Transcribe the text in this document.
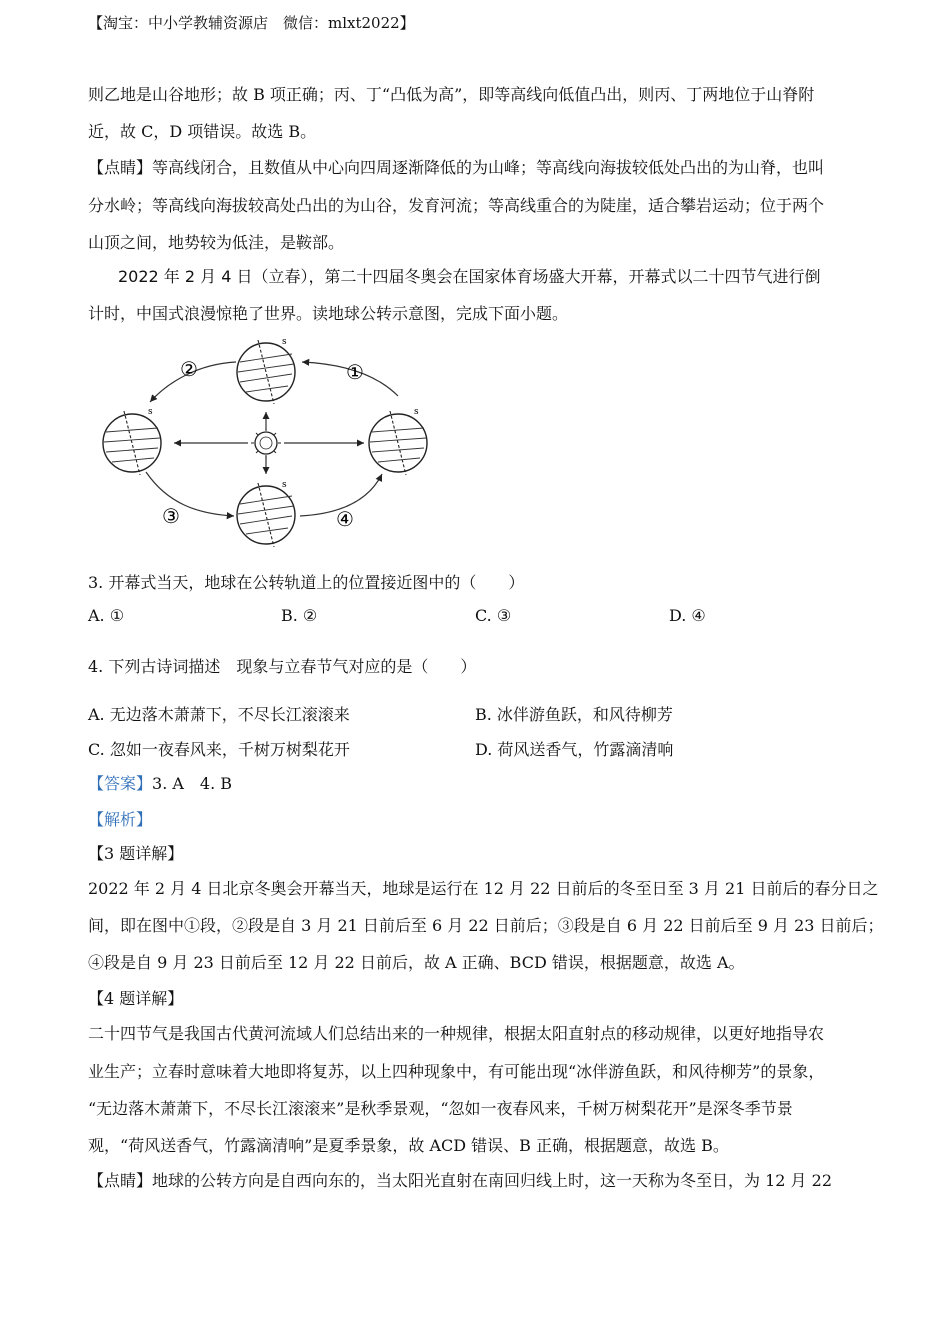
【淘宝：中小学教辅资源店　微信：mlxt2022】
则乙地是山谷地形；故 B 项正确；丙、丁“凸低为高”，即等高线向低值凸出，则丙、丁两地位于山脊附
近，故 C，D 项错误。故选 B。
【点睛】等高线闭合，且数值从中心向四周逐渐降低的为山峰；等高线向海拔较低处凸出的为山脊，也叫
分水岭；等高线向海拔较高处凸出的为山谷，发育河流；等高线重合的为陡崖，适合攀岩运动；位于两个
山顶之间，地势较为低洼，是鞍部。
2022 年 2 月 4 日（立春），第二十四届冬奥会在国家体育场盛大开幕，开幕式以二十四节气进行倒
计时，中国式浪漫惊艳了世界。读地球公转示意图，完成下面小题。
s
s	s
s
①
②
③	④
3. 开幕式当天，地球在公转轨道上的位置接近图中的（　　）
A. ①	B. ②	C. ③	D. ④
4. 下列古诗词描述　现象与立春节气对应的是（　　）
A. 无边落木萧萧下，不尽长江滚滚来	B. 冰伴游鱼跃，和风待柳芳
C. 忽如一夜春风来，千树万树梨花开	D. 荷风送香气，竹露滴清响
【答案】3. A　4. B
【解析】
【3 题详解】
2022 年 2 月 4 日北京冬奥会开幕当天，地球是运行在 12 月 22 日前后的冬至日至 3 月 21 日前后的春分日之
间，即在图中①段，②段是自 3 月 21 日前后至 6 月 22 日前后；③段是自 6 月 22 日前后至 9 月 23 日前后；
④段是自 9 月 23 日前后至 12 月 22 日前后，故 A 正确、BCD 错误，根据题意，故选 A。
【4 题详解】
二十四节气是我国古代黄河流域人们总结出来的一种规律，根据太阳直射点的移动规律，以更好地指导农
业生产；立春时意味着大地即将复苏，以上四种现象中，有可能出现“冰伴游鱼跃，和风待柳芳”的景象，
“无边落木萧萧下，不尽长江滚滚来”是秋季景观，“忽如一夜春风来，千树万树梨花开”是深冬季节景
观，“荷风送香气，竹露滴清响”是夏季景象，故 ACD 错误、B 正确，根据题意，故选 B。
【点睛】地球的公转方向是自西向东的，当太阳光直射在南回归线上时，这一天称为冬至日，为 12 月 22
